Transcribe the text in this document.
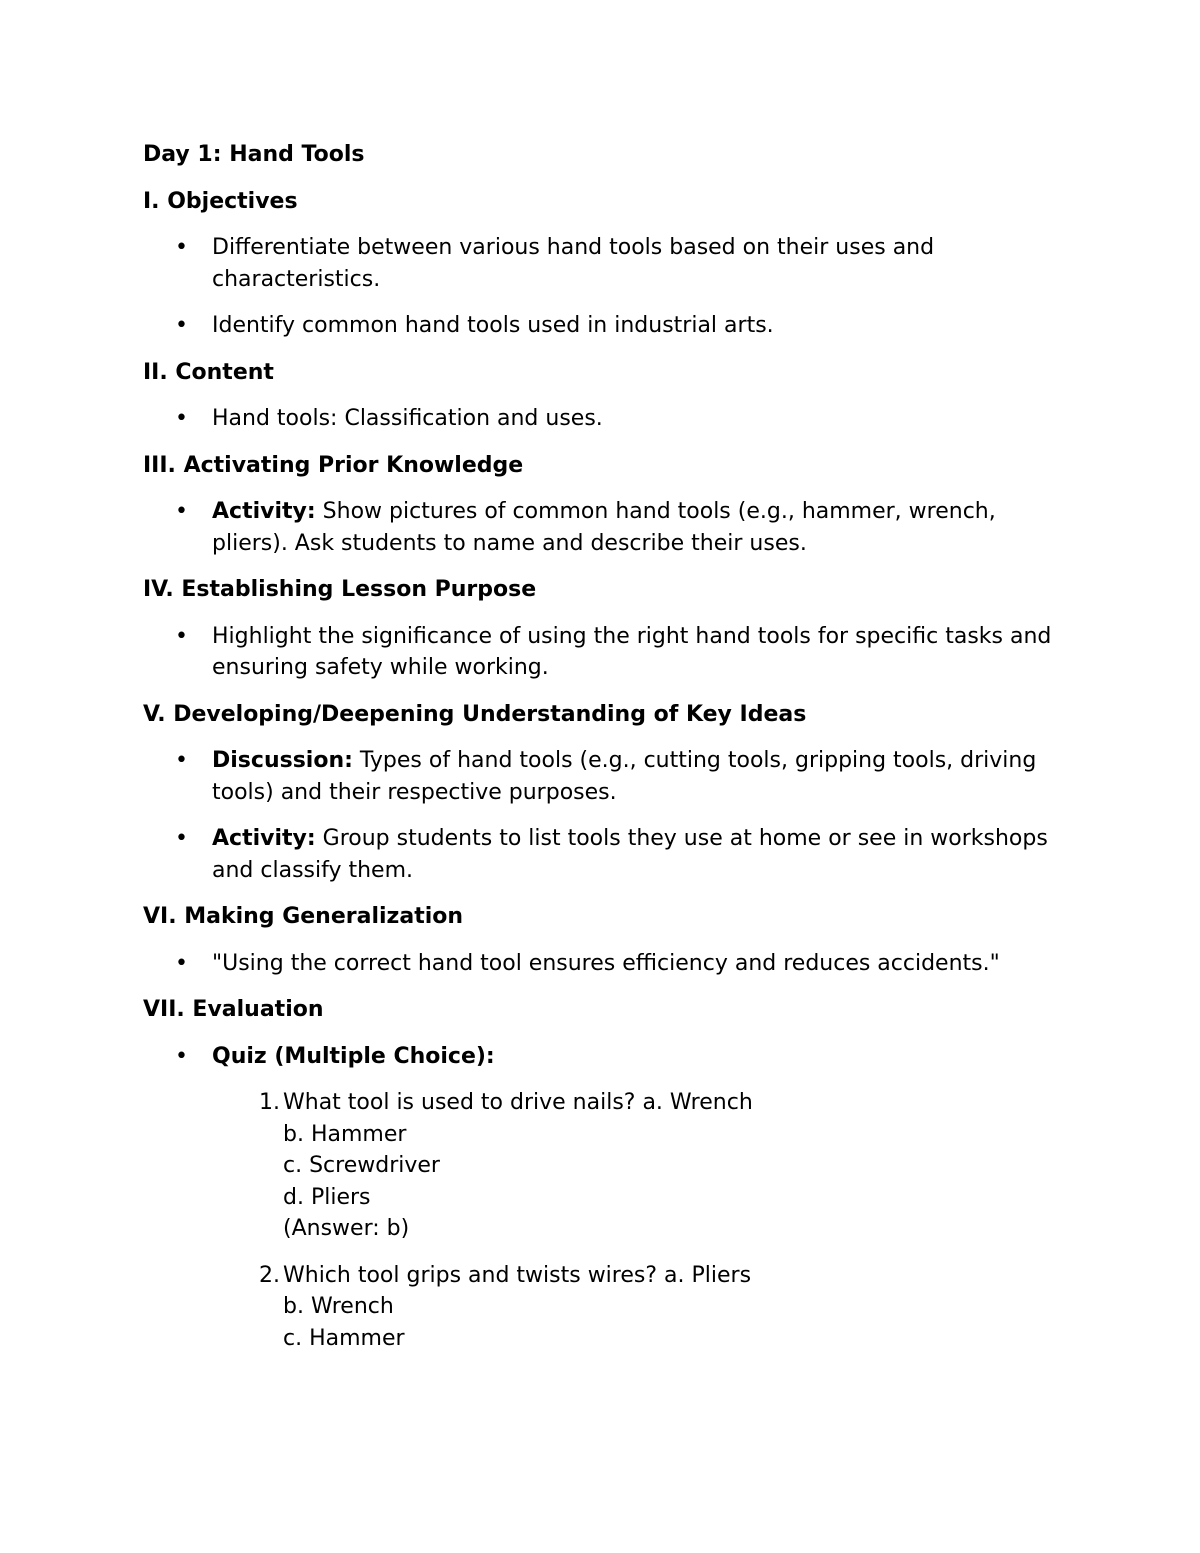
Day 1: Hand Tools
I. Objectives
• Differentiate between various hand tools based on their uses and characteristics.
• Identify common hand tools used in industrial arts.
II. Content
• Hand tools: Classification and uses.
III. Activating Prior Knowledge
• Activity: Show pictures of common hand tools (e.g., hammer, wrench, pliers). Ask students to name and describe their uses.
IV. Establishing Lesson Purpose
• Highlight the significance of using the right hand tools for specific tasks and ensuring safety while working.
V. Developing/Deepening Understanding of Key Ideas
• Discussion: Types of hand tools (e.g., cutting tools, gripping tools, driving tools) and their respective purposes.
• Activity: Group students to list tools they use at home or see in workshops and classify them.
VI. Making Generalization
• "Using the correct hand tool ensures efficiency and reduces accidents."
VII. Evaluation
• Quiz (Multiple Choice):
1. What tool is used to drive nails? a. Wrench
b. Hammer
c. Screwdriver
d. Pliers
(Answer: b)
2. Which tool grips and twists wires? a. Pliers
b. Wrench
c. Hammer
